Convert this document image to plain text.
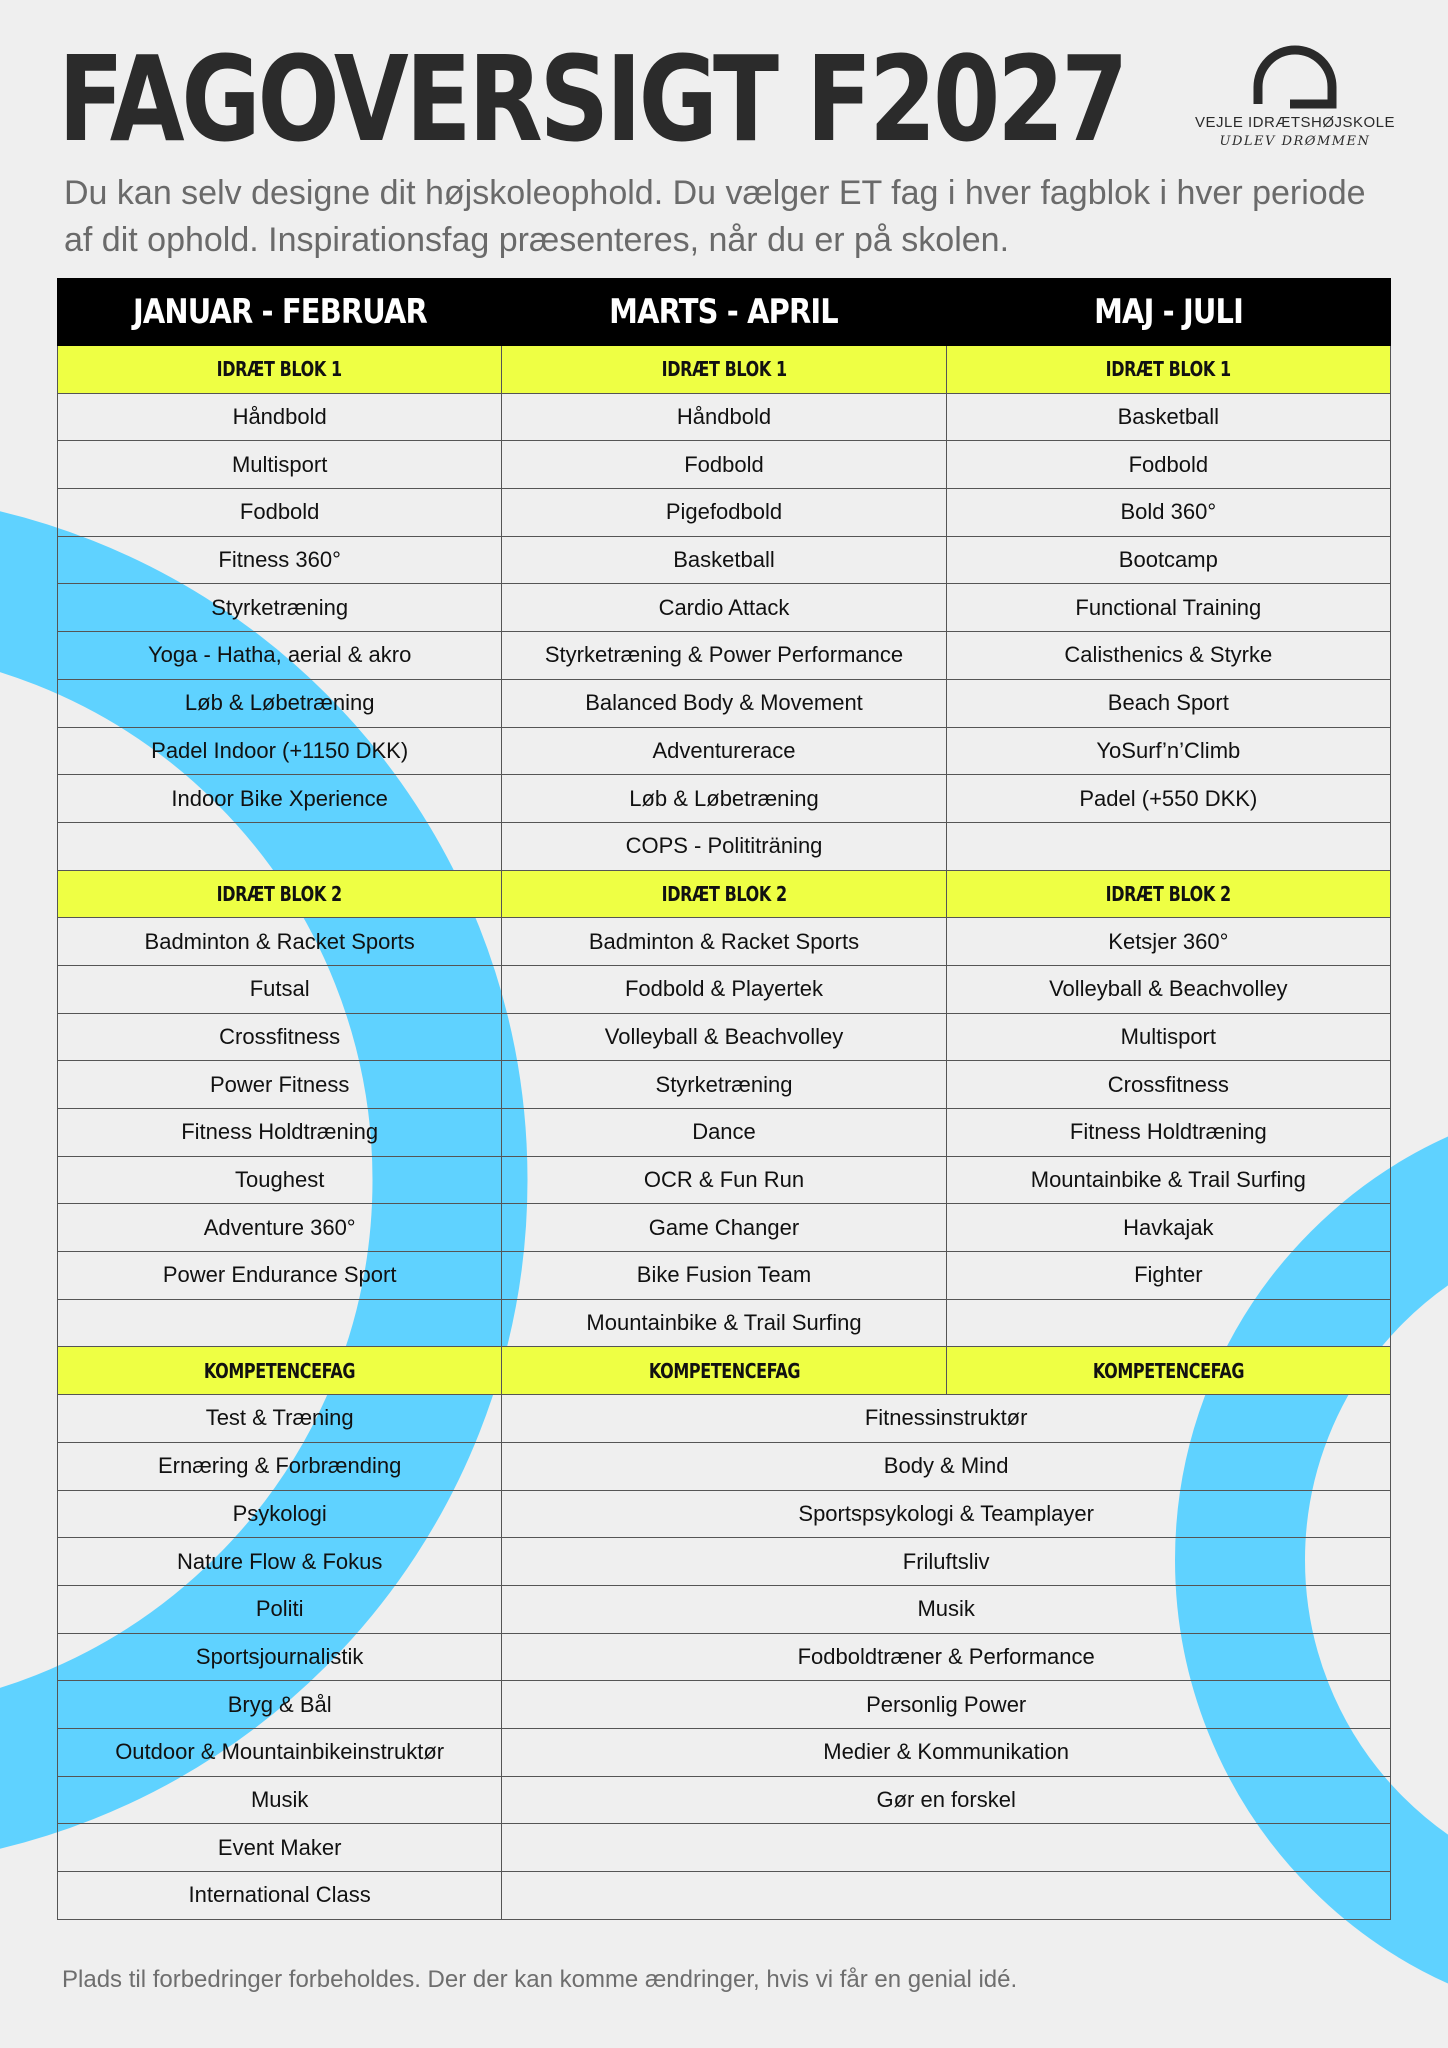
FAGOVERSIGT F2027	VEJLE IDRÆTSHØJSKOLE
UDLEV DRØMMEN

Du kan selv designe dit højskoleophold. Du vælger ET fag i hver fagblok i hver periode af dit ophold. Inspirationsfag præsenteres, når du er på skolen.

JANUAR - FEBRUAR	MARTS - APRIL	MAJ - JULI
IDRÆT BLOK 1	IDRÆT BLOK 1	IDRÆT BLOK 1
Håndbold	Håndbold	Basketball
Multisport	Fodbold	Fodbold
Fodbold	Pigefodbold	Bold 360°
Fitness 360°	Basketball	Bootcamp
Styrketræning	Cardio Attack	Functional Training
Yoga - Hatha, aerial & akro	Styrketræning & Power Performance	Calisthenics & Styrke
Løb & Løbetræning	Balanced Body & Movement	Beach Sport
Padel Indoor (+1150 DKK)	Adventurerace	YoSurf’n’Climb
Indoor Bike Xperience	Løb & Løbetræning	Padel (+550 DKK)
	COPS - Polititräning	
IDRÆT BLOK 2	IDRÆT BLOK 2	IDRÆT BLOK 2
Badminton & Racket Sports	Badminton & Racket Sports	Ketsjer 360°
Futsal	Fodbold & Playertek	Volleyball & Beachvolley
Crossfitness	Volleyball & Beachvolley	Multisport
Power Fitness	Styrketræning	Crossfitness
Fitness Holdtræning	Dance	Fitness Holdtræning
Toughest	OCR & Fun Run	Mountainbike & Trail Surfing
Adventure 360°	Game Changer	Havkajak
Power Endurance Sport	Bike Fusion Team	Fighter
	Mountainbike & Trail Surfing	
KOMPETENCEFAG	KOMPETENCEFAG	KOMPETENCEFAG
Test & Træning	Fitnessinstruktør	
Ernæring & Forbrænding	Body & Mind	
Psykologi	Sportspsykologi & Teamplayer	
Nature Flow & Fokus	Friluftsliv	
Politi	Musik	
Sportsjournalistik	Fodboldtræner & Performance	
Bryg & Bål	Personlig Power	
Outdoor & Mountainbikeinstruktør	Medier & Kommunikation	
Musik	Gør en forskel	
Event Maker		
International Class		

Plads til forbedringer forbeholdes. Der der kan komme ændringer, hvis vi får en genial idé.
